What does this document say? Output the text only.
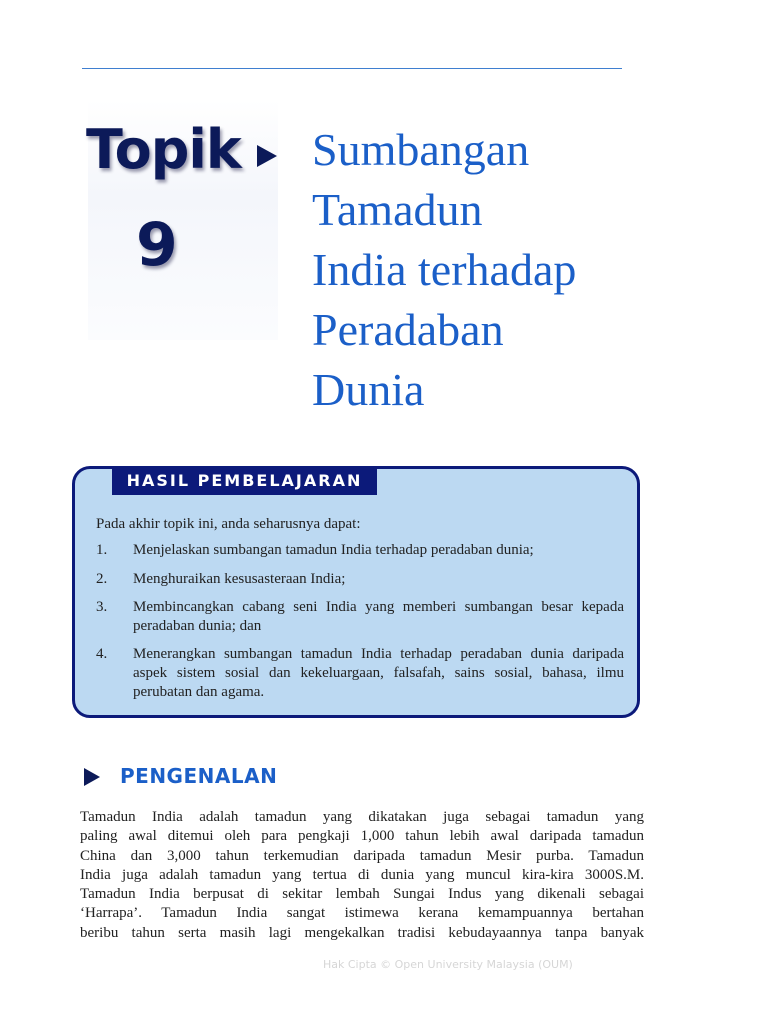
Topik
9
Sumbangan
Tamadun
India terhadap
Peradaban
Dunia
HASIL PEMBELAJARAN
Pada akhir topik ini, anda seharusnya dapat:
1.	Menjelaskan sumbangan tamadun India terhadap peradaban dunia;
2.	Menghuraikan kesusasteraan India;
3.	Membincangkan cabang seni India yang memberi sumbangan besar kepada peradaban dunia; dan
4.	Menerangkan sumbangan tamadun India terhadap peradaban dunia daripada aspek sistem sosial dan kekeluargaan, falsafah, sains sosial, bahasa, ilmu perubatan dan agama.
PENGENALAN
Tamadun India adalah tamadun yang dikatakan juga sebagai tamadun yang
paling awal ditemui oleh para pengkaji 1,000 tahun lebih awal daripada tamadun
China dan 3,000 tahun terkemudian daripada tamadun Mesir purba. Tamadun
India juga adalah tamadun yang tertua di dunia yang muncul kira-kira 3000S.M.
Tamadun India berpusat di sekitar lembah Sungai Indus yang dikenali sebagai
‘Harrapa’. Tamadun India sangat istimewa kerana kemampuannya bertahan
beribu tahun serta masih lagi mengekalkan tradisi kebudayaannya tanpa banyak
Hak Cipta © Open University Malaysia (OUM)
